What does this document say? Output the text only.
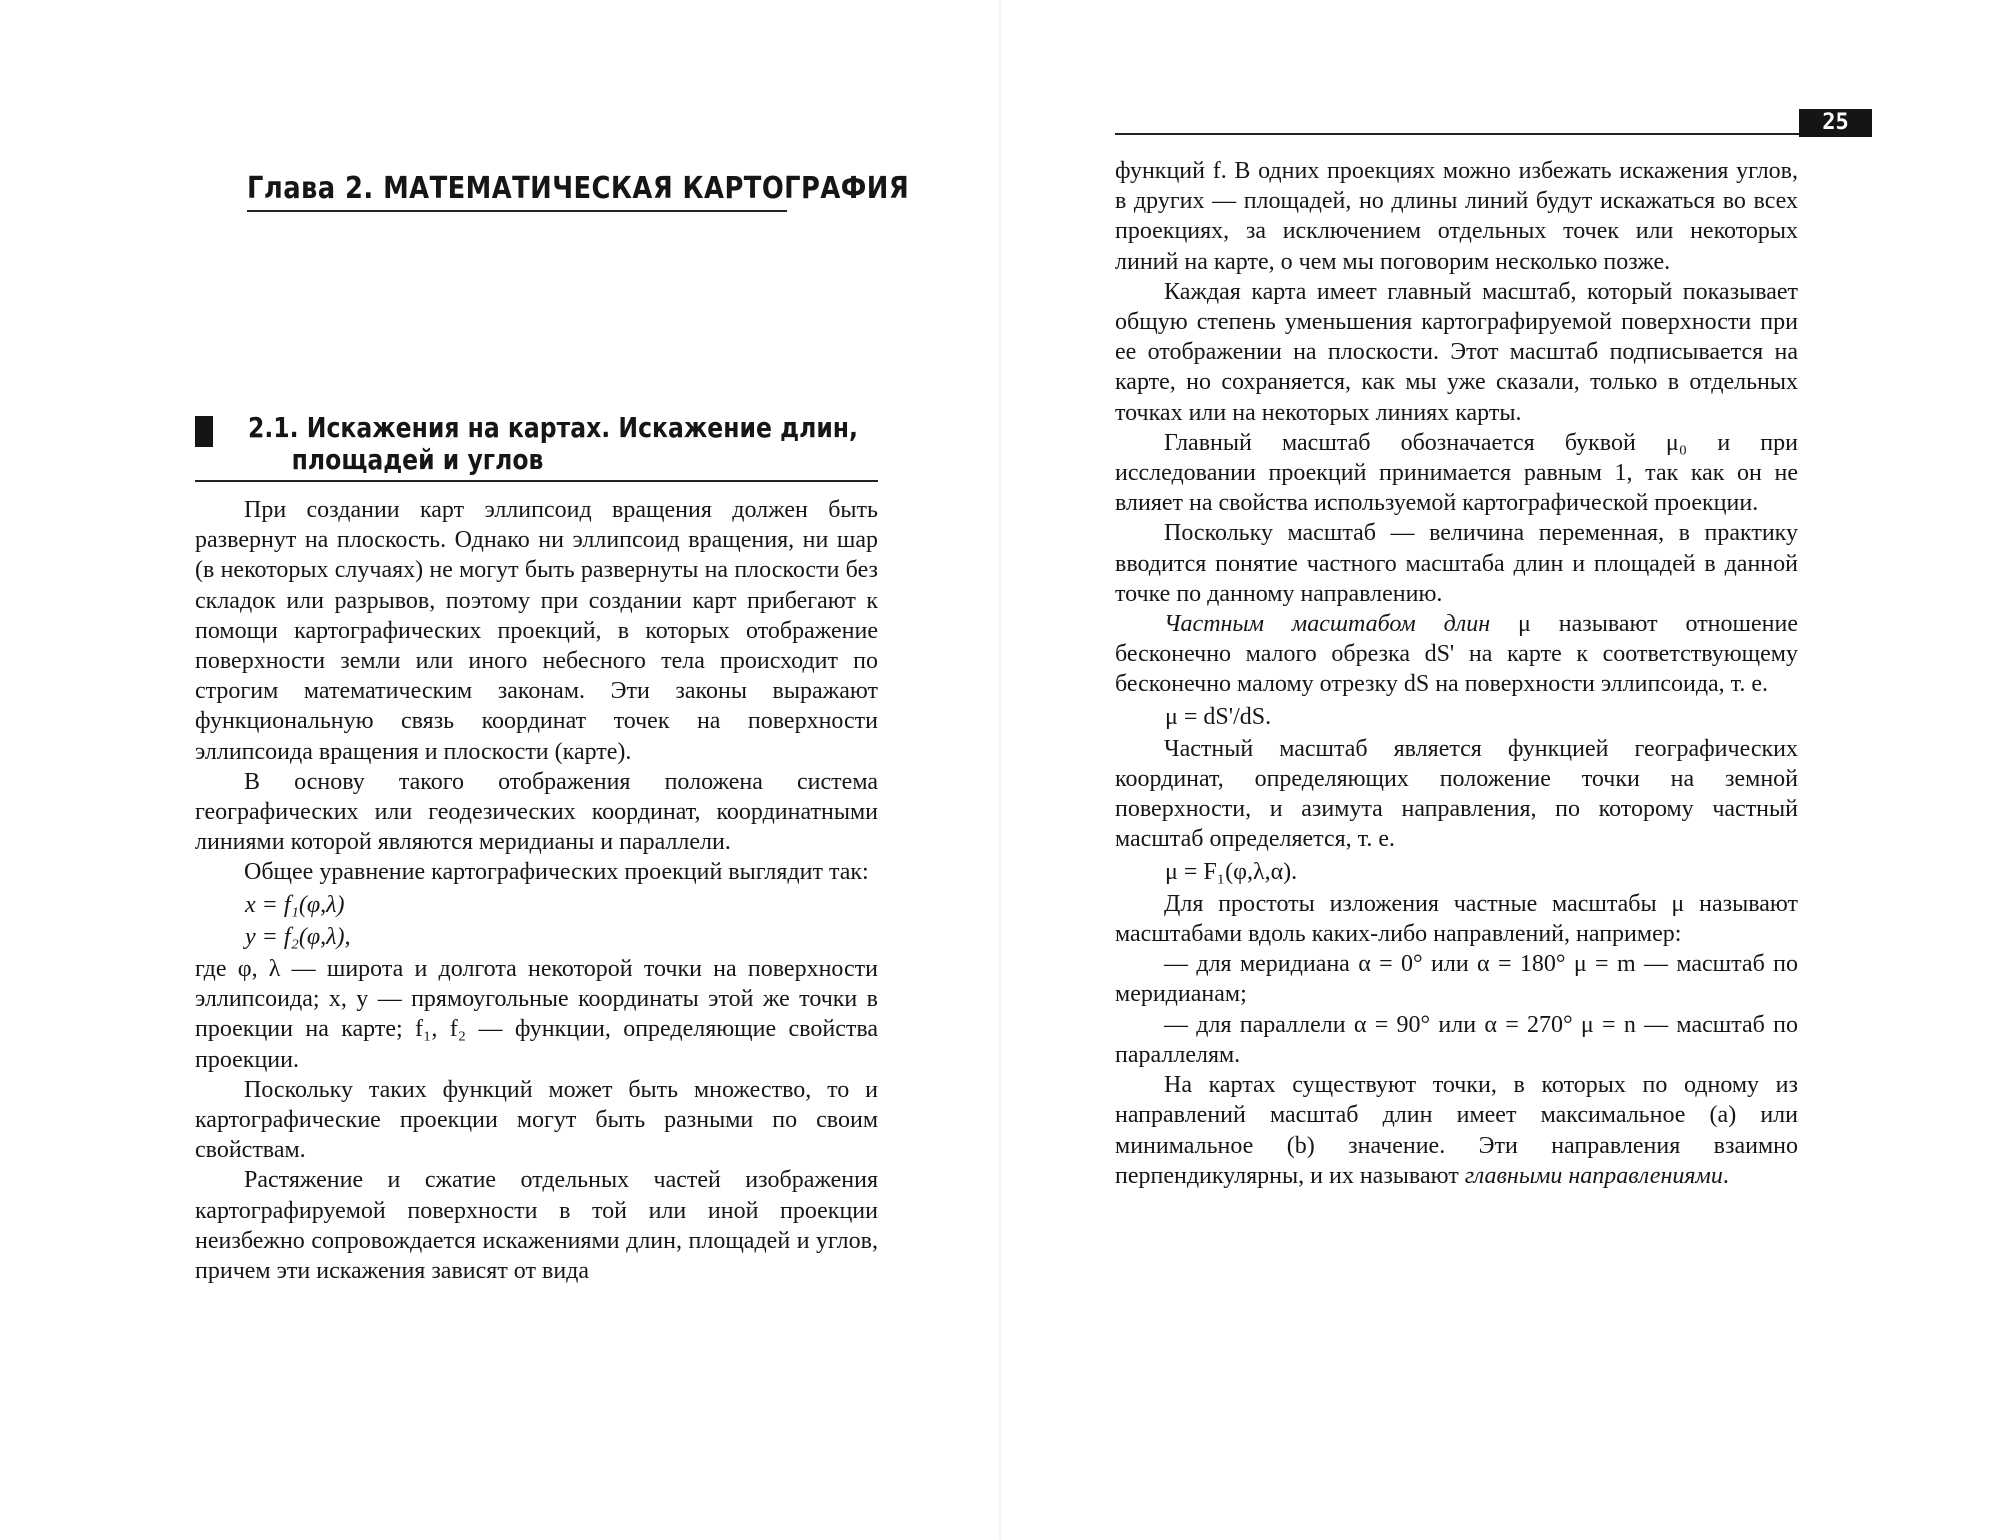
Глава 2. МАТЕМАТИЧЕСКАЯ КАРТОГРАФИЯ
2.1. Искажения на картах. Искажение длин,
площадей и углов

При создании карт эллипсоид вращения должен быть развернут на плоскость. Однако ни эллипсоид вращения, ни шар (в некоторых случаях) не могут быть развернуты на плоскости без складок или разрывов, поэтому при создании карт прибегают к помощи картографических проекций, в которых отображение поверхности земли или иного небесного тела происходит по строгим математическим законам. Эти законы выражают функциональную связь координат точек на поверхности эллипсоида вращения и плоскости (карте).

В основу такого отображения положена система географических или геодезических координат, координатными линиями которой являются меридианы и параллели.

Общее уравнение картографических проекций выглядит так:

x = f₁(φ,λ)

y = f₂(φ,λ),

где φ, λ — широта и долгота некоторой точки на поверхности эллипсоида; x, y — прямоугольные координаты этой же точки в проекции на карте; f₁, f₂ — функции, определяющие свойства проекции.

Поскольку таких функций может быть множество, то и картографические проекции могут быть разными по своим свойствам.

Растяжение и сжатие отдельных частей изображения картографируемой поверхности в той или иной проекции неизбежно сопровождается искажениями длин, площадей и углов, причем эти искажения зависят от вида

25

функций f. В одних проекциях можно избежать искажения углов, в других — площадей, но длины линий будут искажаться во всех проекциях, за исключением отдельных точек или некоторых линий на карте, о чем мы поговорим несколько позже.

Каждая карта имеет главный масштаб, который показывает общую степень уменьшения картографируемой поверхности при ее отображении на плоскости. Этот масштаб подписывается на карте, но сохраняется, как мы уже сказали, только в отдельных точках или на некоторых линиях карты.

Главный масштаб обозначается буквой μ₀ и при исследовании проекций принимается равным 1, так как он не влияет на свойства используемой картографической проекции.

Поскольку масштаб — величина переменная, в практику вводится понятие частного масштаба длин и площадей в данной точке по данному направлению.

Частным масштабом длин μ называют отношение бесконечно малого обрезка dS' на карте к соответствующему бесконечно малому отрезку dS на поверхности эллипсоида, т. е.

μ = dS'/dS.

Частный масштаб является функцией географических координат, определяющих положение точки на земной поверхности, и азимута направления, по которому частный масштаб определяется, т. е.

μ = F₁(φ,λ,α).

Для простоты изложения частные масштабы μ называют масштабами вдоль каких-либо направлений, например:

— для меридиана α = 0° или α = 180° μ = m — масштаб по меридианам;

— для параллели α = 90° или α = 270° μ = n — масштаб по параллелям.

На картах существуют точки, в которых по одному из направлений масштаб длин имеет максимальное (a) или минимальное (b) значение. Эти направления взаимно перпендикулярны, и их называют главными направлениями.
